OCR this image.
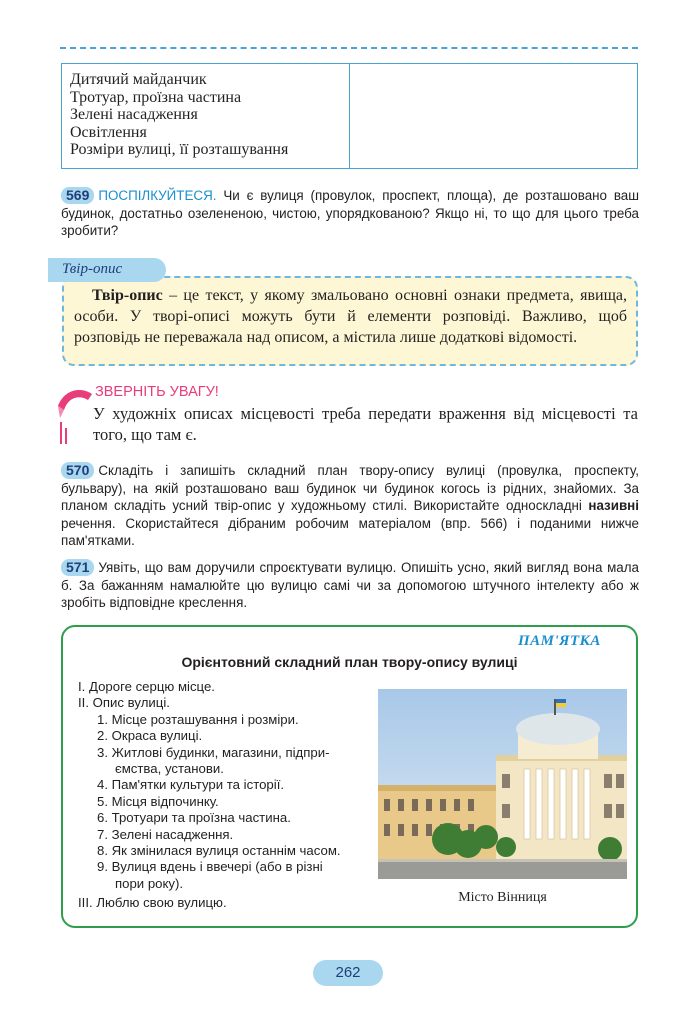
Дитячий майданчик
Тротуар, проїзна частина
Зелені насадження
Освітлення
Розміри вулиці, її розташування
569 ПОСПІЛКУЙТЕСЯ. Чи є вулиця (провулок, проспект, площа), де розташовано ваш будинок, достатньо озелененою, чистою, упорядкованою? Якщо ні, то що для цього треба зробити?
Твір-опис
Твір-опис – це текст, у якому змальовано основні ознаки предмета, явища, особи. У творі-описі можуть бути й елементи розповіді. Важливо, щоб розповідь не переважала над описом, а містила лише додаткові відомості.
ЗВЕРНІТЬ УВАГУ!
У художніх описах місцевості треба передати враження від місцевості та того, що там є.
570 Складіть і запишіть складний план твору-опису вулиці (провулка, проспекту, бульвару), на якій розташовано ваш будинок чи будинок когось із рідних, знайомих. За планом складіть усний твір-опис у художньому стилі. Використайте односкладні називні речення. Скористайтеся дібраним робочим матеріалом (впр. 566) і поданими нижче пам'ятками.
571 Уявіть, що вам доручили спроєктувати вулицю. Опишіть усно, який вигляд вона мала б. За бажанням намалюйте цю вулицю самі чи за допомогою штучного інтелекту або ж зробіть відповідне креслення.
ПАМ'ЯТКА
Орієнтовний складний план твору-опису вулиці
I. Дороге серцю місце.
II. Опис вулиці.
1. Місце розташування і розміри.
2. Окраса вулиці.
3. Житлові будинки, магазини, підпри-
ємства, установи.
4. Пам'ятки культури та історії.
5. Місця відпочинку.
6. Тротуари та проїзна частина.
7. Зелені насадження.
8. Як змінилася вулиця останнім часом.
9. Вулиця вдень і ввечері (або в різні
пори року).
III. Люблю свою вулицю.	Місто Вінниця
262
